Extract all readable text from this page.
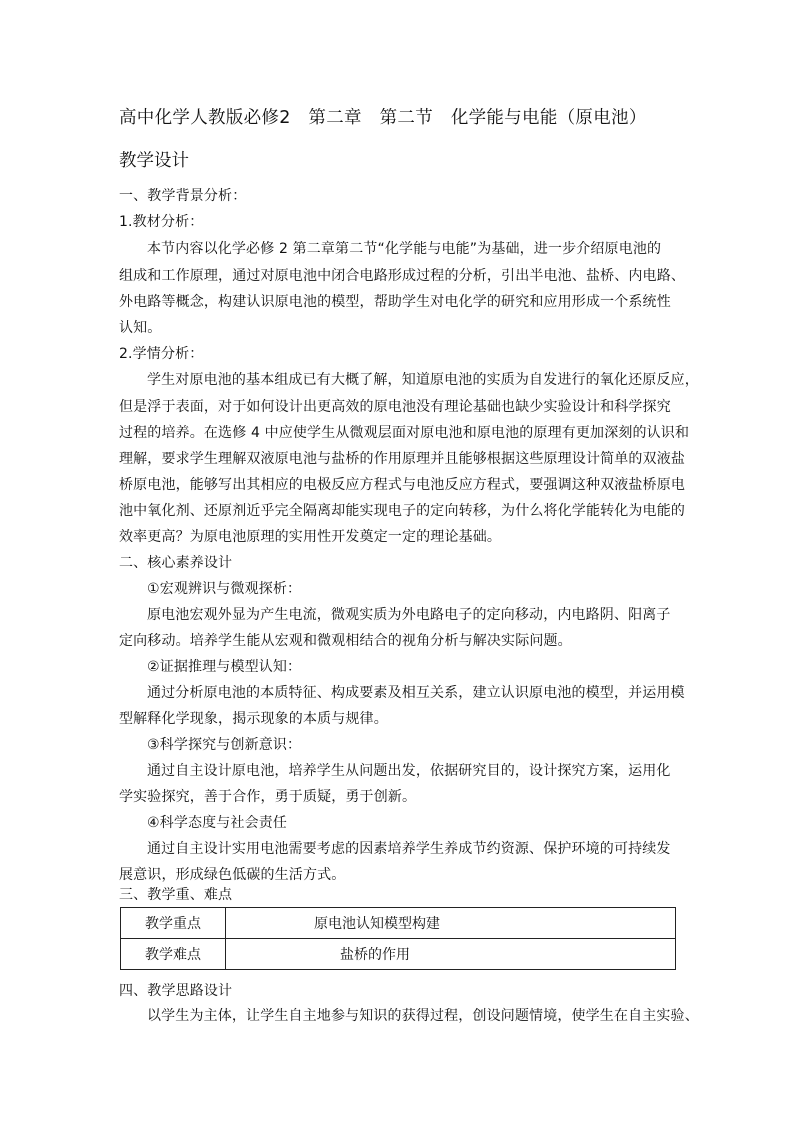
高中化学人教版必修2　第二章　第二节　化学能与电能（原电池）
教学设计
一、教学背景分析：
1.教材分析：
本节内容以化学必修 2 第二章第二节“化学能与电能”为基础，进一步介绍原电池的
组成和工作原理，通过对原电池中闭合电路形成过程的分析，引出半电池、盐桥、内电路、
外电路等概念，构建认识原电池的模型，帮助学生对电化学的研究和应用形成一个系统性
认知。
2.学情分析：
学生对原电池的基本组成已有大概了解，知道原电池的实质为自发进行的氧化还原反应，
但是浮于表面，对于如何设计出更高效的原电池没有理论基础也缺少实验设计和科学探究
过程的培养。在选修 4 中应使学生从微观层面对原电池和原电池的原理有更加深刻的认识和
理解，要求学生理解双液原电池与盐桥的作用原理并且能够根据这些原理设计简单的双液盐
桥原电池，能够写出其相应的电极反应方程式与电池反应方程式，要强调这种双液盐桥原电
池中氧化剂、还原剂近乎完全隔离却能实现电子的定向转移，为什么将化学能转化为电能的
效率更高？为原电池原理的实用性开发奠定一定的理论基础。
二、核心素养设计
①宏观辨识与微观探析：
原电池宏观外显为产生电流，微观实质为外电路电子的定向移动，内电路阴、阳离子
定向移动。培养学生能从宏观和微观相结合的视角分析与解决实际问题。
②证据推理与模型认知：
通过分析原电池的本质特征、构成要素及相互关系，建立认识原电池的模型，并运用模
型解释化学现象，揭示现象的本质与规律。
③科学探究与创新意识：
通过自主设计原电池，培养学生从问题出发，依据研究目的，设计探究方案，运用化
学实验探究，善于合作，勇于质疑，勇于创新。
④科学态度与社会责任
通过自主设计实用电池需要考虑的因素培养学生养成节约资源、保护环境的可持续发
展意识，形成绿色低碳的生活方式。
三、教学重、难点
教学重点	原电池认知模型构建
教学难点	盐桥的作用
四、教学思路设计
以学生为主体，让学生自主地参与知识的获得过程，创设问题情境，使学生在自主实验、
